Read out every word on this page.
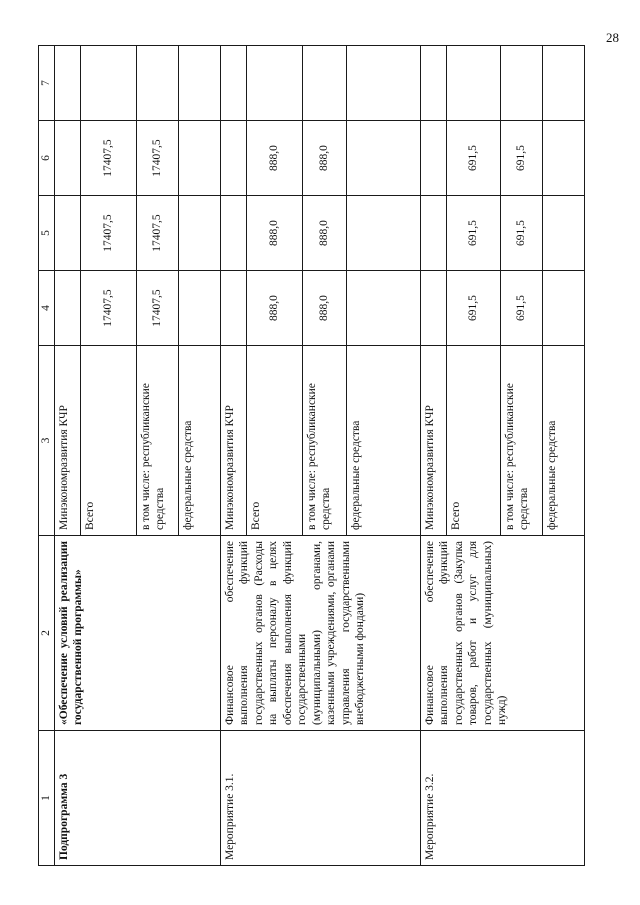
28
1	2	3	4	5	6	7
Подпрограмма 3	«Обеспечение условий реализации государственной программы»	Минэкономразвития КЧР				
		Всего	17407,5	17407,5	17407,5	
		в том числе: республиканские средства	17407,5	17407,5	17407,5	
		федеральные средства				
Мероприятие 3.1.	Финансовое обеспечение выполнения функций государственных органов (Расходы на выплаты персоналу в целях обеспечения выполнения функций государственными (муниципальными) органами, казенными учреждениями, органами управления государственными внебюджетными фондами)	Минэкономразвития КЧР				
		Всего	888,0	888,0	888,0	
		в том числе: республиканские средства	888,0	888,0	888,0	
		федеральные средства				
Мероприятие 3.2.	Финансовое обеспечение выполнения функций государственных органов (Закупка товаров, работ и услуг для государственных (муниципальных) нужд)	Минэкономразвития КЧР				
		Всего	691,5	691,5	691,5	
		в том числе: республиканские средства	691,5	691,5	691,5	
		федеральные средства				
